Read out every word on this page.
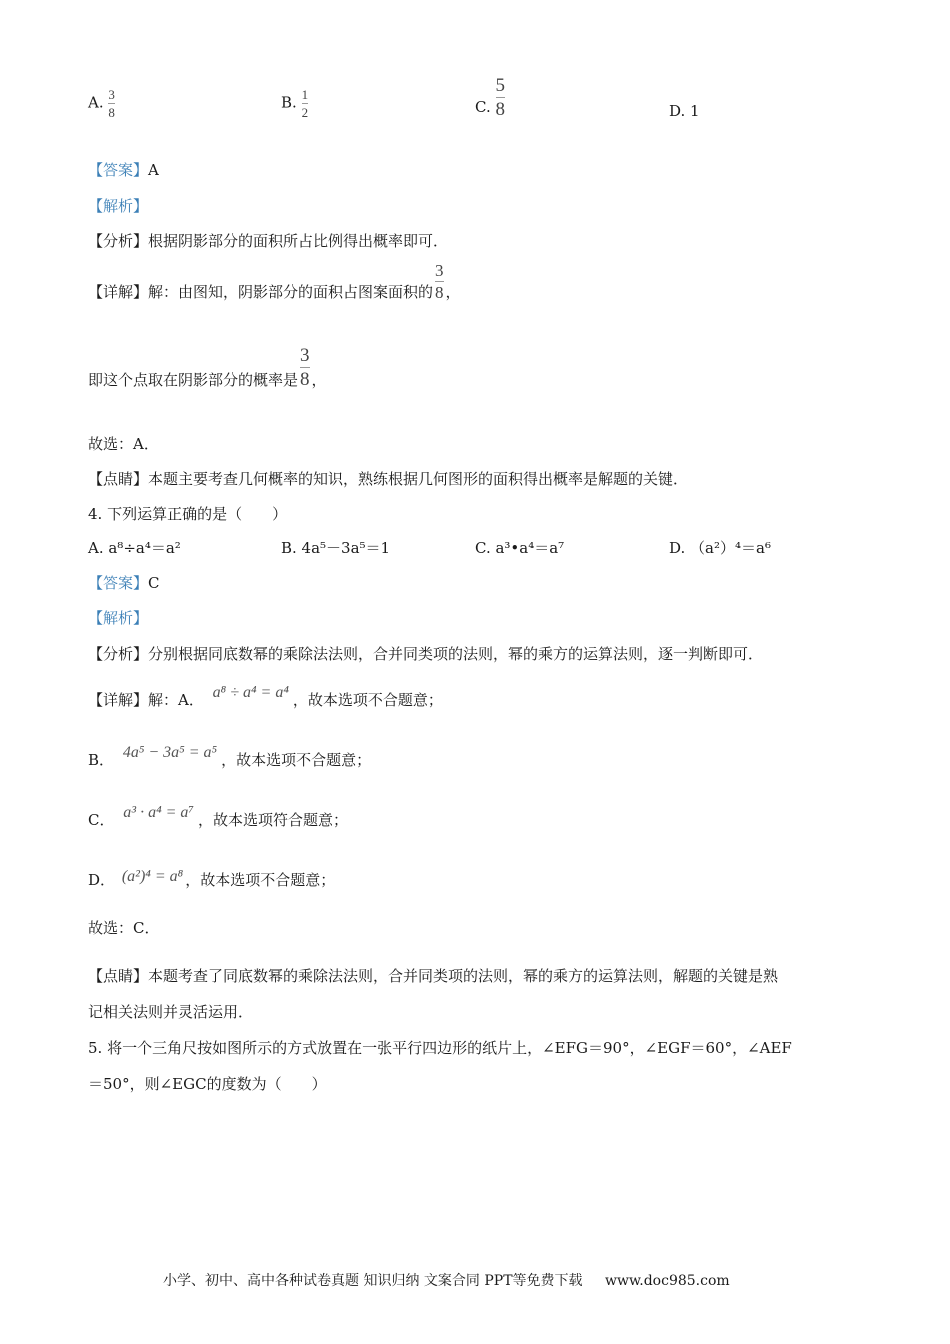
A. $\frac{3}{8}$	B. $\frac{1}{2}$	C. $\frac{5}{8}$	D. 1
【答案】A
【解析】
【分析】根据阴影部分的面积所占比例得出概率即可．
【详解】解：由图知，阴影部分的面积占图案面积的 $\frac{3}{8}$ ，
即这个点取在阴影部分的概率是 $\frac{3}{8}$ ，
故选：A．
【点睛】本题主要考查几何概率的知识，熟练根据几何图形的面积得出概率是解题的关键．
4. 下列运算正确的是（　　）
A. a⁸÷a⁴＝a²	B. 4a⁵－3a⁵＝1	C. a³•a⁴＝a⁷	D. （a²）⁴＝a⁶
【答案】C
【解析】
【分析】分别根据同底数幂的乘除法法则，合并同类项的法则，幂的乘方的运算法则，逐一判断即可．
【详解】解：A． a⁸ ÷ a⁴ = a⁴ ，故本选项不合题意；
B． 4a⁵ − 3a⁵ = a⁵ ，故本选项不合题意；
C． a³ · a⁴ = a⁷ ，故本选项符合题意；
D． (a²)⁴ = a⁸ ，故本选项不合题意；
故选：C．
【点睛】本题考查了同底数幂的乘除法法则，合并同类项的法则，幂的乘方的运算法则，解题的关键是熟
记相关法则并灵活运用．
5. 将一个三角尺按如图所示的方式放置在一张平行四边形的纸片上，∠EFG＝90°，∠EGF＝60°，∠AEF
＝50°，则∠EGC的度数为（　　）
小学、初中、高中各种试卷真题 知识归纳 文案合同 PPT等免费下载 www.doc985.com
